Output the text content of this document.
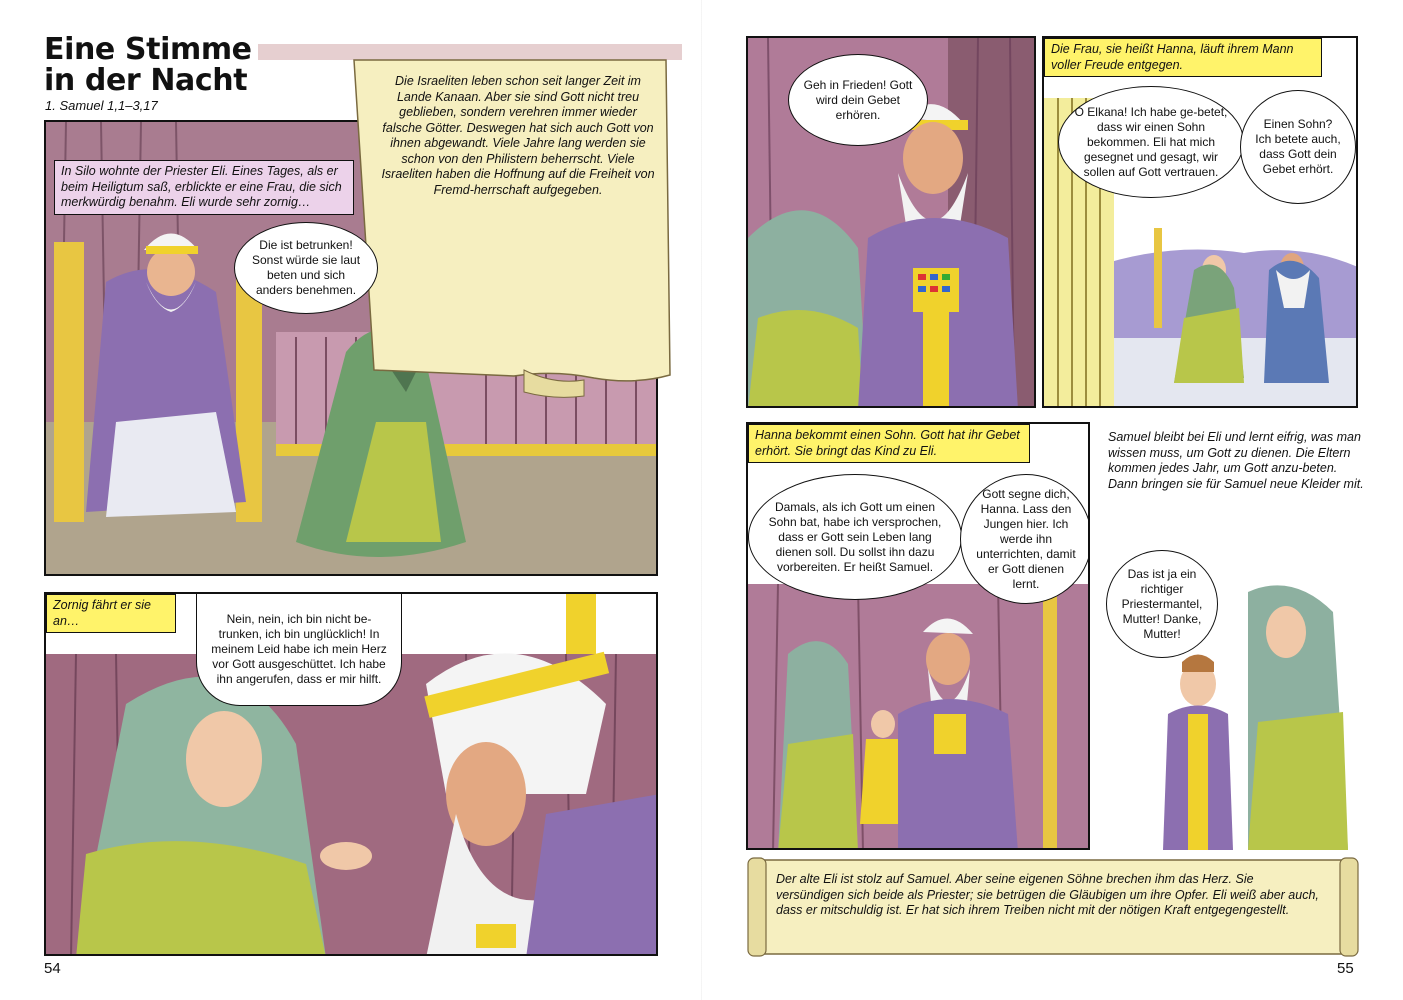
Eine Stimme
in der Nacht
1. Samuel 1,1–3,17
In Silo wohnte der Priester Eli. Eines Tages, als er beim Heiligtum saß, erblickte er eine Frau, die sich merkwürdig benahm. Eli wurde sehr zornig…
Die ist betrunken! Sonst würde sie laut beten und sich anders benehmen.
Die Israeliten leben schon seit langer Zeit im Lande Kanaan. Aber sie sind Gott nicht treu geblieben, sondern verehren immer wieder falsche Götter. Deswegen hat sich auch Gott von ihnen abgewandt. Viele Jahre lang werden sie schon von den Philistern beherrscht. Viele Israeliten haben die Hoffnung auf die Freiheit von Fremd-herrschaft aufgegeben.
Zornig fährt er sie an…	Nein, nein, ich bin nicht be-trunken, ich bin unglücklich! In meinem Leid habe ich mein Herz vor Gott ausgeschüttet. Ich habe ihn angerufen, dass er mir hilft.
54
Geh in Frieden! Gott wird dein Gebet erhören.
Die Frau, sie heißt Hanna, läuft ihrem Mann voller Freude entgegen.
O Elkana! Ich habe ge-betet, dass wir einen Sohn bekommen. Eli hat mich gesegnet und gesagt, wir sollen auf Gott vertrauen.
Einen Sohn? Ich betete auch, dass Gott dein Gebet erhört.
Hanna bekommt einen Sohn. Gott hat ihr Gebet erhört. Sie bringt das Kind zu Eli.
Damals, als ich Gott um einen Sohn bat, habe ich versprochen, dass er Gott sein Leben lang dienen soll. Du sollst ihn dazu vorbereiten. Er heißt Samuel.
Gott segne dich, Hanna. Lass den Jungen hier. Ich werde ihn unterrichten, damit er Gott dienen lernt.
Samuel bleibt bei Eli und lernt eifrig, was man wissen muss, um Gott zu dienen. Die Eltern kommen jedes Jahr, um Gott anzu-beten. Dann bringen sie für Samuel neue Kleider mit.
Das ist ja ein richtiger Priestermantel, Mutter! Danke, Mutter!
Der alte Eli ist stolz auf Samuel. Aber seine eigenen Söhne brechen ihm das Herz. Sie versündigen sich beide als Priester; sie betrügen die Gläubigen um ihre Opfer. Eli weiß aber auch, dass er mitschuldig ist. Er hat sich ihrem Treiben nicht mit der nötigen Kraft entgegengestellt.
55
